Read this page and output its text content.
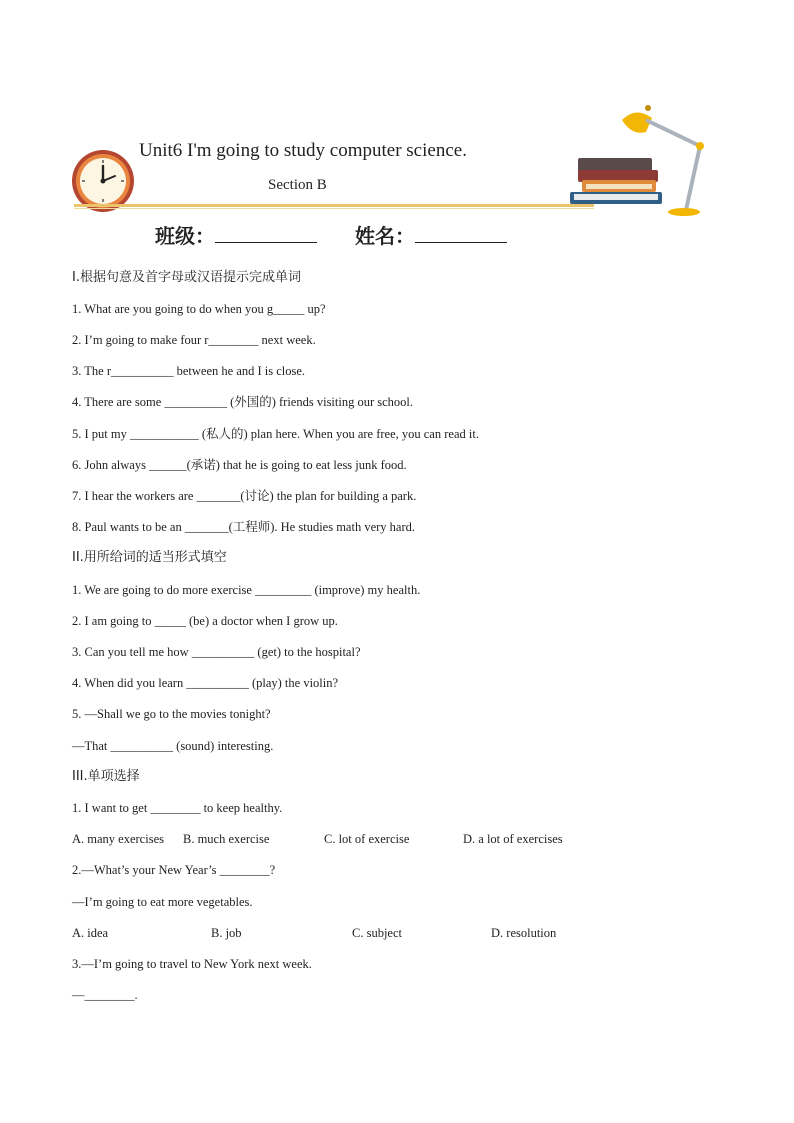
Unit6 I'm going to study computer science.
Section B
班级：	姓名：
I.根据句意及首字母或汉语提示完成单词
1. What are you going to do when you g_____ up?
2. I’m going to make four r________ next week.
3. The r__________ between he and I is close.
4. There are some __________ (外国的) friends visiting our school.
5. I put my ___________ (私人的) plan here. When you are free, you can read it.
6. John always ______(承诺) that he is going to eat less junk food.
7. I hear the workers are _______(讨论) the plan for building a park.
8. Paul wants to be an _______(工程师). He studies math very hard.
II.用所给词的适当形式填空
1. We are going to do more exercise _________ (improve) my health.
2. I am going to _____ (be) a doctor when I grow up.
3. Can you tell me how __________ (get) to the hospital?
4. When did you learn __________ (play) the violin?
5. —Shall we go to the movies tonight?
—That __________ (sound) interesting.
III.单项选择
1. I want to get ________ to keep healthy.
A. many exercises B. much exercise	C. lot of exercise	D. a lot of exercises
2.—What’s your New Year’s ________?
—I’m going to eat more vegetables.
A. idea	B. job	C. subject	D. resolution
3.—I’m going to travel to New York next week.
—________.
